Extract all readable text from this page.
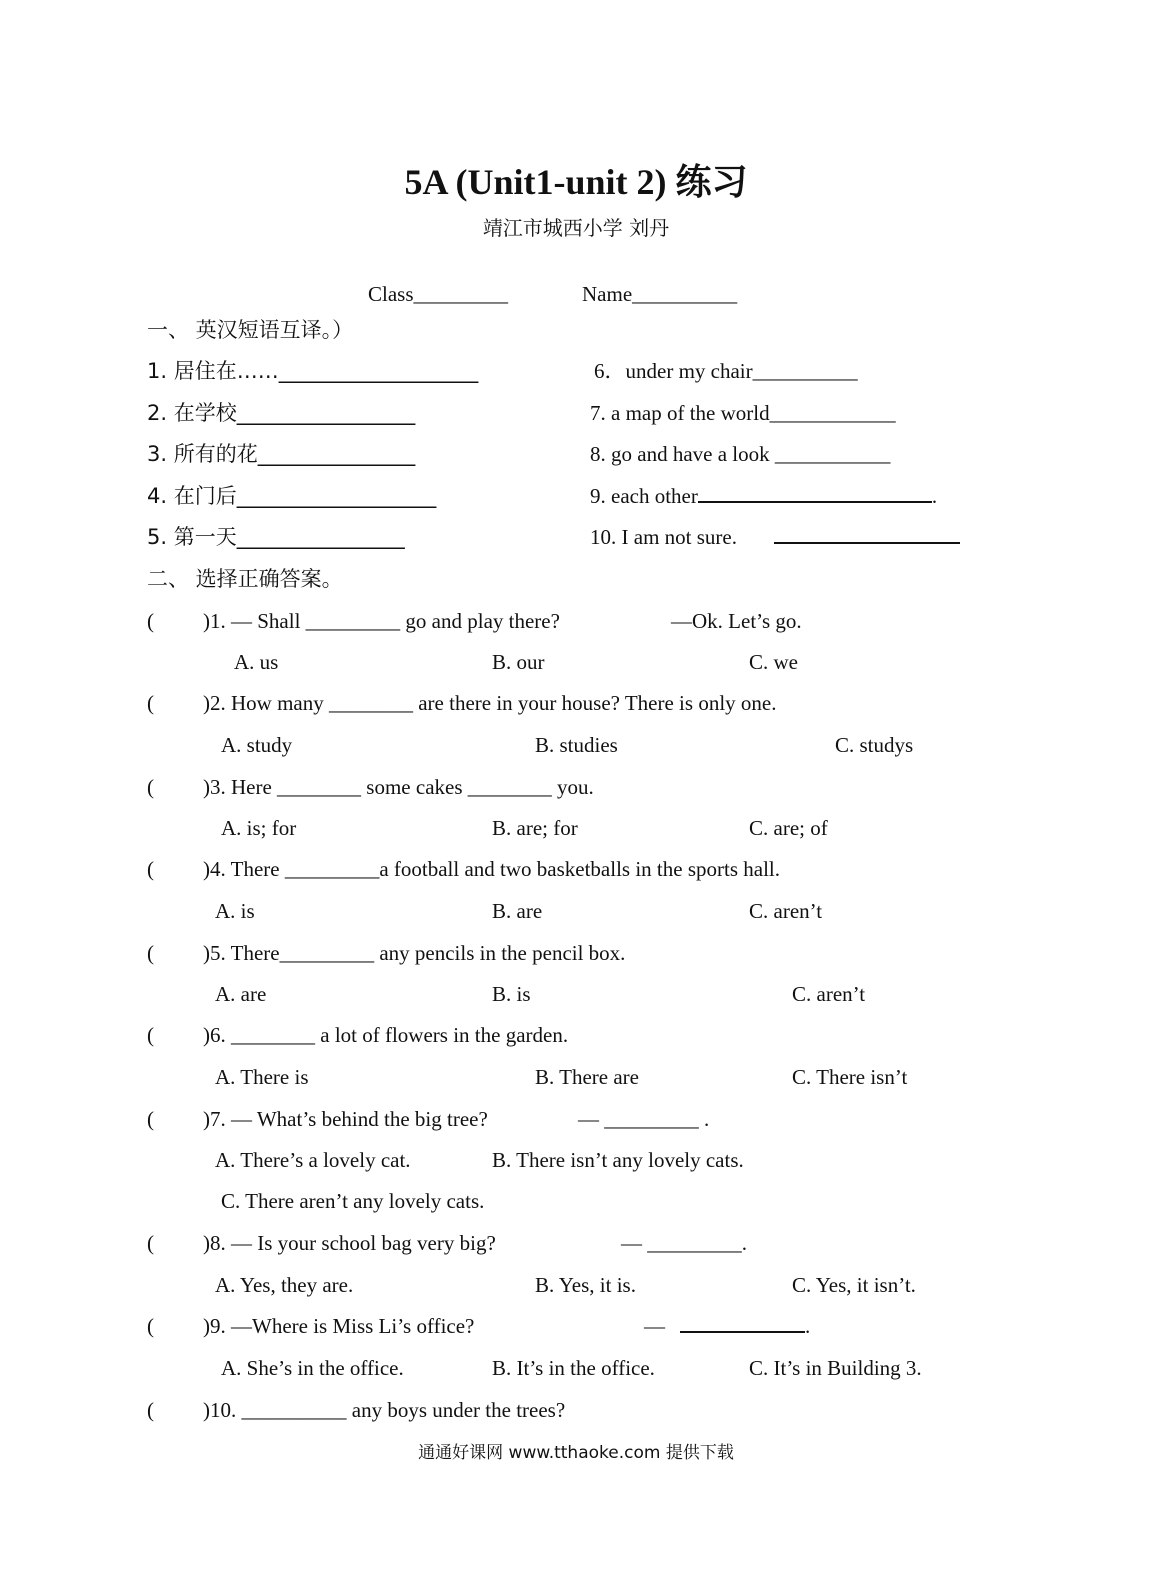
5A (Unit1-unit 2) 练习
靖江市城西小学 刘丹
Class_________	Name__________
一、 英汉短语互译。）
1. 居住在……___________________
2. 在学校_________________
3. 所有的花_______________
4. 在门后___________________
5. 第一天________________
6．under my chair__________
7. a map of the world____________
8. go and have a look ___________
9. each other	.
10. I am not sure.
二、 选择正确答案。
( )1. — Shall _________ go and play there?	—Ok. Let’s go.
A. us	B. our	C. we
( )2. How many ________ are there in your house? There is only one.
A. study	B. studies	C. studys
( )3. Here ________ some cakes ________ you.
A. is; for	B. are; for	C. are; of
( )4. There _________a football and two basketballs in the sports hall.
A. is	B. are	C. aren’t
( )5. There_________ any pencils in the pencil box.
A. are	B. is	C. aren’t
( )6. ________ a lot of flowers in the garden.
A. There is	B. There are	C. There isn’t
( )7. — What’s behind the big tree?	— _________ .
A. There’s a lovely cat.	B. There isn’t any lovely cats.
C. There aren’t any lovely cats.
( )8. — Is your school bag very big?	— _________.
A. Yes, they are.	B. Yes, it is.	C. Yes, it isn’t.
( )9. —Where is Miss Li’s office?	—	.
A. She’s in the office.	B. It’s in the office.	C. It’s in Building 3.
( )10. __________ any boys under the trees?
通通好课网 www.tthaoke.com 提供下载
